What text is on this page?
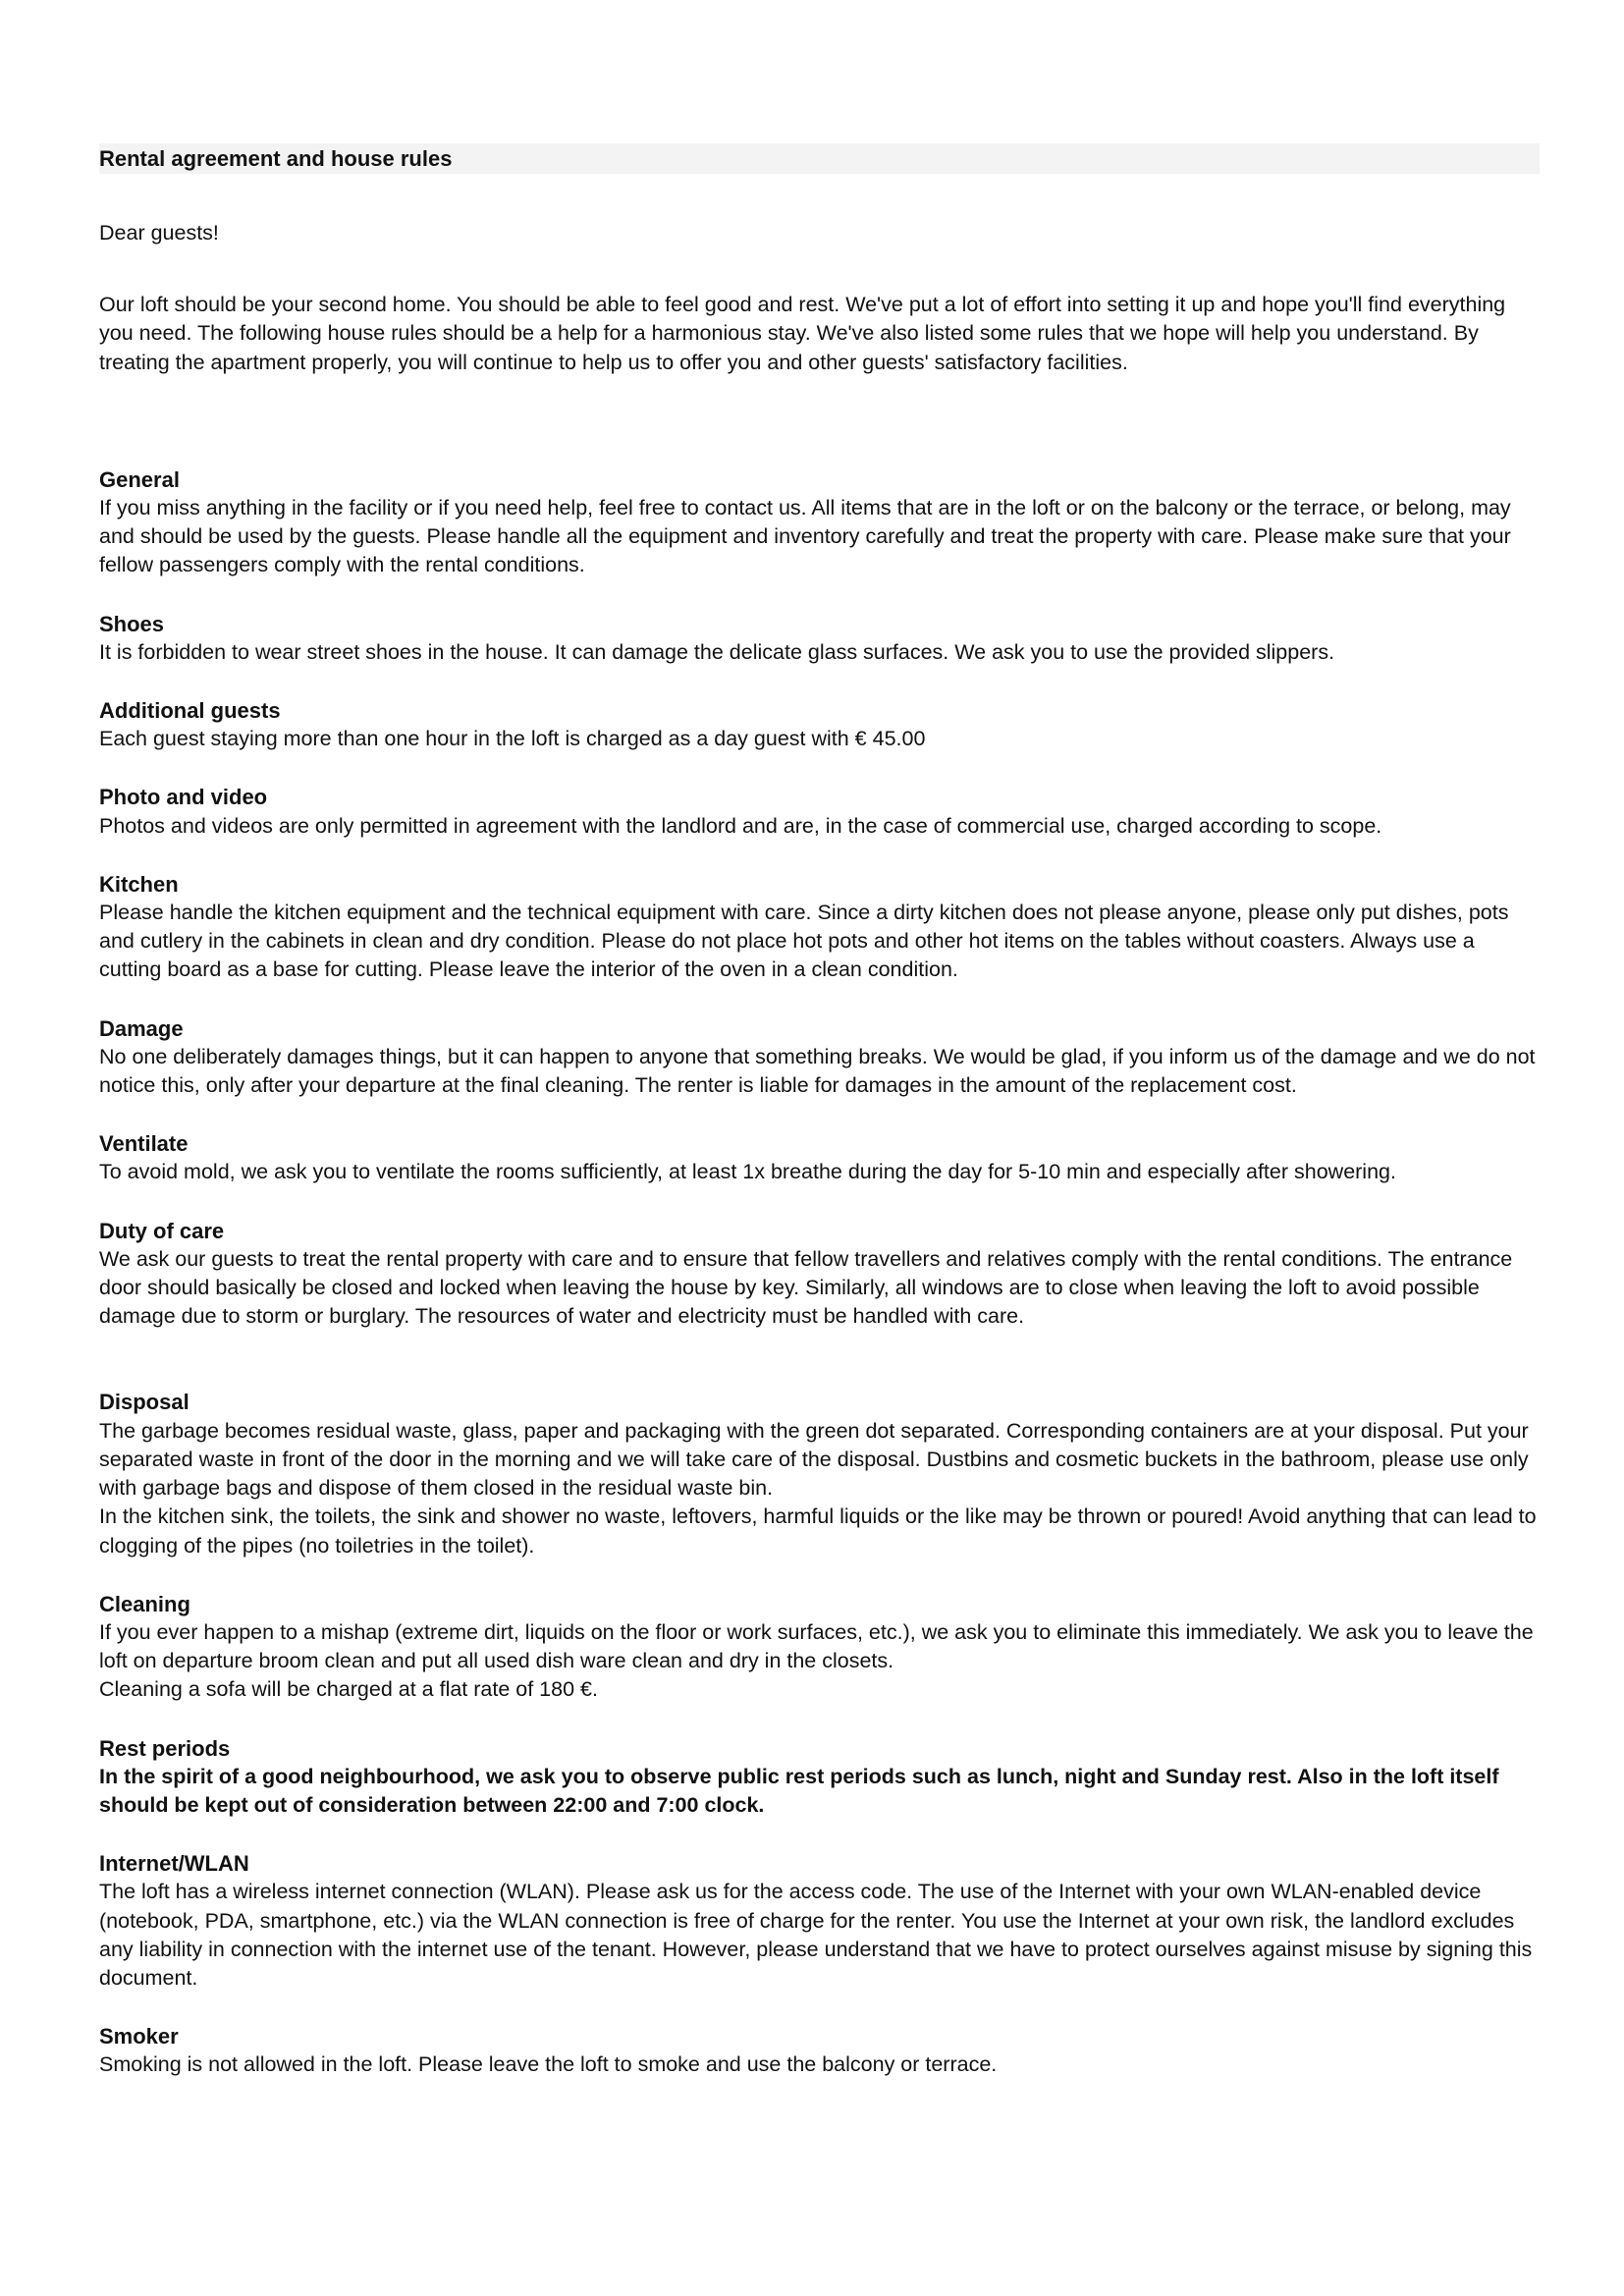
Rental agreement and house rules

Dear guests!

Our loft should be your second home. You should be able to feel good and rest. We've put a lot of effort into setting it up and hope you'll find everything you need. The following house rules should be a help for a harmonious stay. We've also listed some rules that we hope will help you understand. By treating the apartment properly, you will continue to help us to offer you and other guests' satisfactory facilities.

General

If you miss anything in the facility or if you need help, feel free to contact us. All items that are in the loft or on the balcony or the terrace, or belong, may and should be used by the guests. Please handle all the equipment and inventory carefully and treat the property with care. Please make sure that your fellow passengers comply with the rental conditions.

Shoes

It is forbidden to wear street shoes in the house. It can damage the delicate glass surfaces. We ask you to use the provided slippers.

Additional guests

Each guest staying more than one hour in the loft is charged as a day guest with € 45.00

Photo and video

Photos and videos are only permitted in agreement with the landlord and are, in the case of commercial use, charged according to scope.

Kitchen

Please handle the kitchen equipment and the technical equipment with care. Since a dirty kitchen does not please anyone, please only put dishes, pots and cutlery in the cabinets in clean and dry condition. Please do not place hot pots and other hot items on the tables without coasters. Always use a cutting board as a base for cutting. Please leave the interior of the oven in a clean condition.

Damage

No one deliberately damages things, but it can happen to anyone that something breaks. We would be glad, if you inform us of the damage and we do not notice this, only after your departure at the final cleaning. The renter is liable for damages in the amount of the replacement cost.

Ventilate

To avoid mold, we ask you to ventilate the rooms sufficiently, at least 1x breathe during the day for 5-10 min and especially after showering.

Duty of care

We ask our guests to treat the rental property with care and to ensure that fellow travellers and relatives comply with the rental conditions. The entrance door should basically be closed and locked when leaving the house by key. Similarly, all windows are to close when leaving the loft to avoid possible damage due to storm or burglary. The resources of water and electricity must be handled with care.

Disposal

The garbage becomes residual waste, glass, paper and packaging with the green dot separated. Corresponding containers are at your disposal. Put your separated waste in front of the door in the morning and we will take care of the disposal. Dustbins and cosmetic buckets in the bathroom, please use only with garbage bags and dispose of them closed in the residual waste bin.

In the kitchen sink, the toilets, the sink and shower no waste, leftovers, harmful liquids or the like may be thrown or poured! Avoid anything that can lead to clogging of the pipes (no toiletries in the toilet).

Cleaning

If you ever happen to a mishap (extreme dirt, liquids on the floor or work surfaces, etc.), we ask you to eliminate this immediately. We ask you to leave the loft on departure broom clean and put all used dish ware clean and dry in the closets.

Cleaning a sofa will be charged at a flat rate of 180 €.

Rest periods

In the spirit of a good neighbourhood, we ask you to observe public rest periods such as lunch, night and Sunday rest. Also in the loft itself should be kept out of consideration between 22:00 and 7:00 clock.

Internet/WLAN

The loft has a wireless internet connection (WLAN). Please ask us for the access code. The use of the Internet with your own WLAN-enabled device (notebook, PDA, smartphone, etc.) via the WLAN connection is free of charge for the renter. You use the Internet at your own risk, the landlord excludes any liability in connection with the internet use of the tenant. However, please understand that we have to protect ourselves against misuse by signing this document.

Smoker

Smoking is not allowed in the loft. Please leave the loft to smoke and use the balcony or terrace.
